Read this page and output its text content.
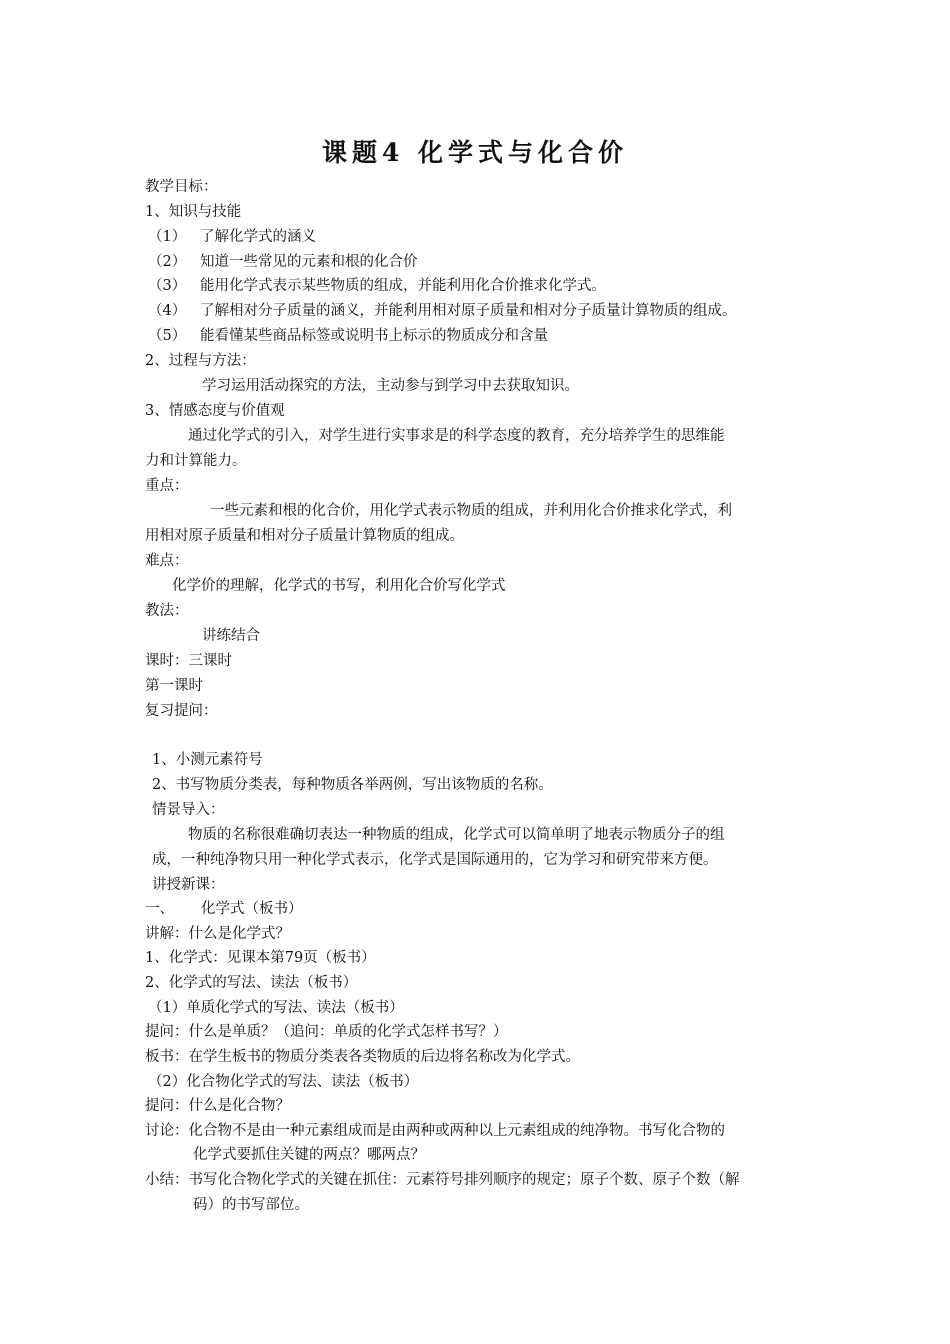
课题4 化学式与化合价
教学目标：
1、知识与技能
（1） 了解化学式的涵义
（2） 知道一些常见的元素和根的化合价
（3） 能用化学式表示某些物质的组成，并能利用化合价推求化学式。
（4） 了解相对分子质量的涵义，并能利用相对原子质量和相对分子质量计算物质的组成。
（5） 能看懂某些商品标签或说明书上标示的物质成分和含量
2、过程与方法：
学习运用活动探究的方法，主动参与到学习中去获取知识。
3、情感态度与价值观
通过化学式的引入，对学生进行实事求是的科学态度的教育，充分培养学生的思维能
力和计算能力。
重点：
一些元素和根的化合价，用化学式表示物质的组成，并利用化合价推求化学式，利
用相对原子质量和相对分子质量计算物质的组成。
难点：
化学价的理解，化学式的书写，利用化合价写化学式
教法：
讲练结合
课时：三课时
第一课时
复习提问：
1、小测元素符号
2、书写物质分类表，每种物质各举两例，写出该物质的名称。
情景导入：
物质的名称很难确切表达一种物质的组成，化学式可以简单明了地表示物质分子的组
成，一种纯净物只用一种化学式表示，化学式是国际通用的，它为学习和研究带来方便。
讲授新课：
一、 化学式（板书）
讲解：什么是化学式？
1、化学式：见课本第79页（板书）
2、化学式的写法、读法（板书）
（1）单质化学式的写法、读法（板书）
提问：什么是单质？（追问：单质的化学式怎样书写？）
板书：在学生板书的物质分类表各类物质的后边将名称改为化学式。
（2）化合物化学式的写法、读法（板书）
提问：什么是化合物？
讨论：化合物不是由一种元素组成而是由两种或两种以上元素组成的纯净物。书写化合物的
化学式要抓住关键的两点？哪两点？
小结：书写化合物化学式的关键在抓住：元素符号排列顺序的规定；原子个数、原子个数（解
码）的书写部位。
